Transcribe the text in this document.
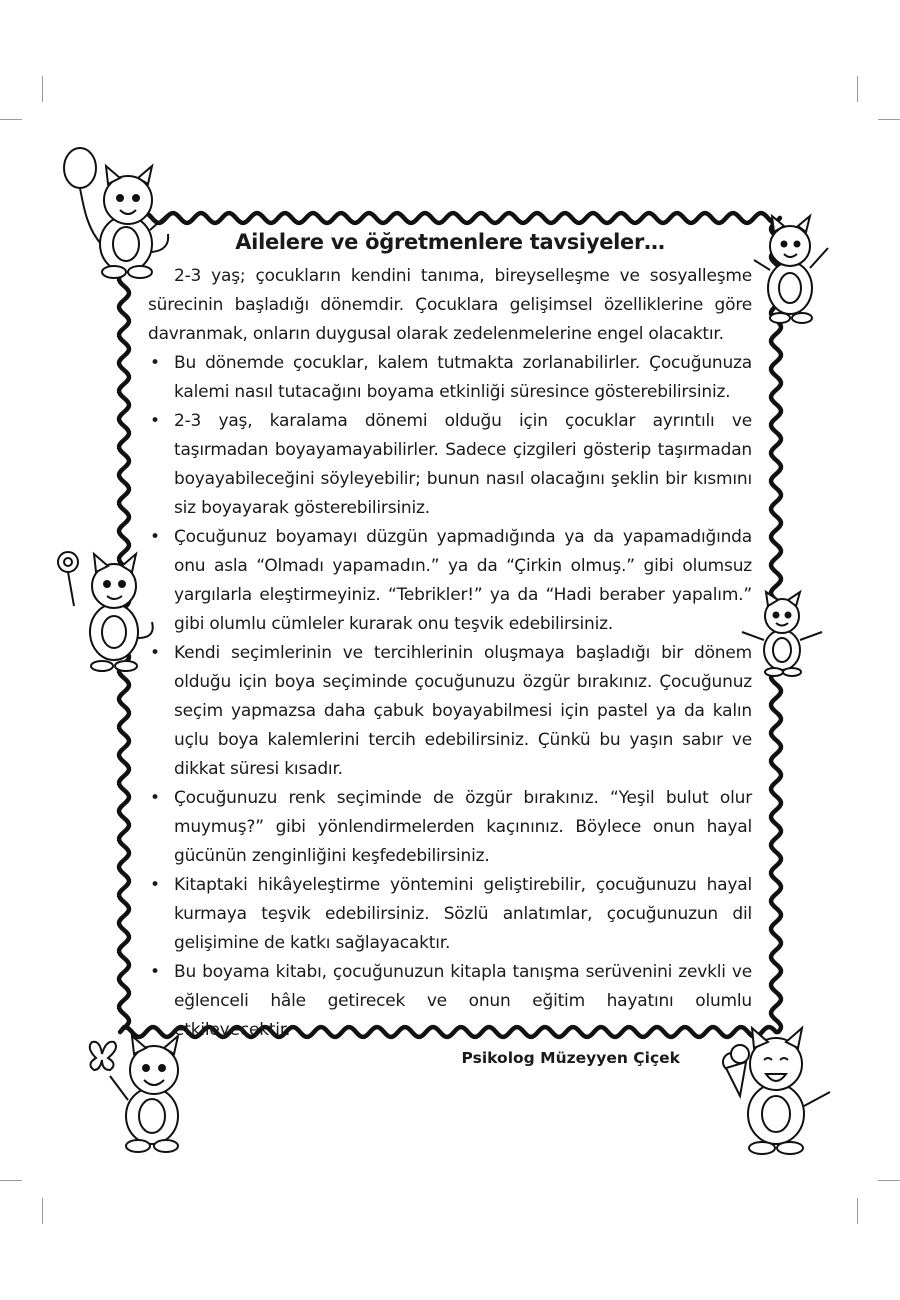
Ailelere ve öğretmenlere tavsiyeler…

2-3 yaş; çocukların kendini tanıma, bireyselleşme ve sosyalleşme sürecinin başladığı dönemdir. Çocuklara gelişimsel özelliklerine göre davranmak, onların duygusal olarak zedelenmelerine engel olacaktır.

• Bu dönemde çocuklar, kalem tutmakta zorlanabilirler. Çocuğunuza kalemi nasıl tutacağını boyama etkinliği süresince gösterebilirsiniz.
• 2-3 yaş, karalama dönemi olduğu için çocuklar ayrıntılı ve taşırmadan boyayamayabilirler. Sadece çizgileri gösterip taşırmadan boyayabileceğini söyleyebilir; bunun nasıl olacağını şeklin bir kısmını siz boyayarak gösterebilirsiniz.
• Çocuğunuz boyamayı düzgün yapmadığında ya da yapamadığında onu asla “Olmadı yapamadın.” ya da “Çirkin olmuş.” gibi olumsuz yargılarla eleştirmeyiniz. “Tebrikler!” ya da “Hadi beraber yapalım.” gibi olumlu cümleler kurarak onu teşvik edebilirsiniz.
• Kendi seçimlerinin ve tercihlerinin oluşmaya başladığı bir dönem olduğu için boya seçiminde çocuğunuzu özgür bırakınız. Çocuğunuz seçim yapmazsa daha çabuk boyayabilmesi için pastel ya da kalın uçlu boya kalemlerini tercih edebilirsiniz. Çünkü bu yaşın sabır ve dikkat süresi kısadır.
• Çocuğunuzu renk seçiminde de özgür bırakınız. “Yeşil bulut olur muymuş?” gibi yönlendirmelerden kaçınınız. Böylece onun hayal gücünün zenginliğini keşfedebilirsiniz.
• Kitaptaki hikâyeleştirme yöntemini geliştirebilir, çocuğunuzu hayal kurmaya teşvik edebilirsiniz. Sözlü anlatımlar, çocuğunuzun dil gelişimine de katkı sağlayacaktır.
• Bu boyama kitabı, çocuğunuzun kitapla tanışma serüvenini zevkli ve eğlenceli hâle getirecek ve onun eğitim hayatını olumlu etkileyecektir.
Psikolog Müzeyyen Çiçek
